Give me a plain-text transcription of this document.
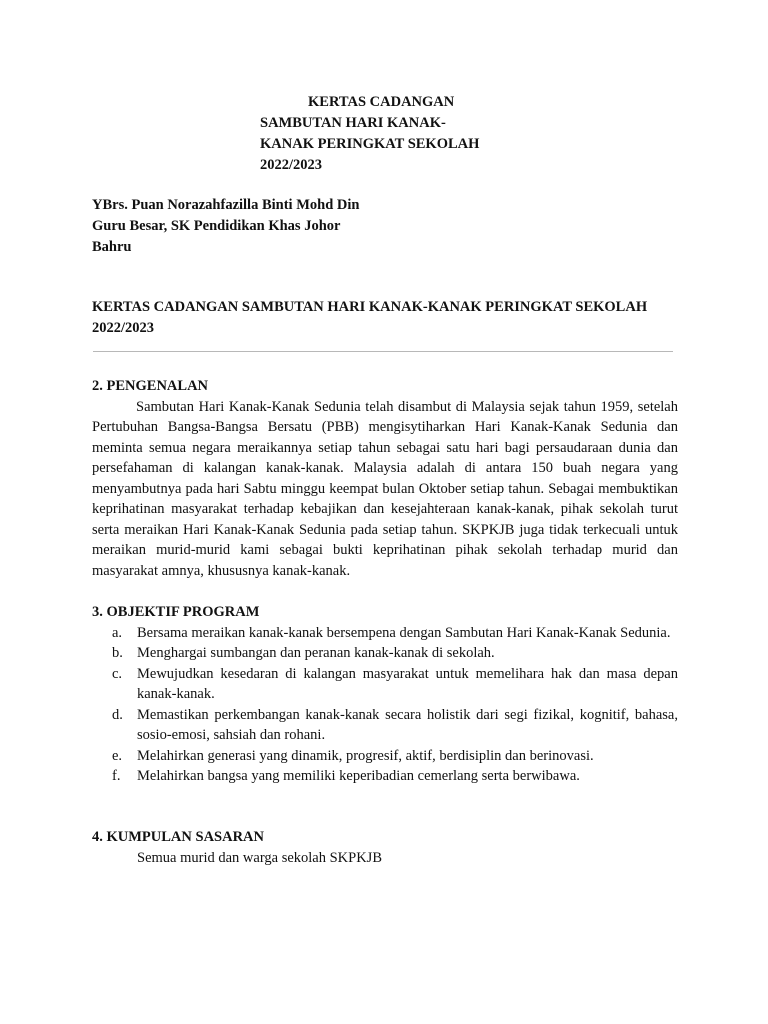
KERTAS CADANGAN
SAMBUTAN HARI KANAK-
KANAK PERINGKAT SEKOLAH
2022/2023
YBrs. Puan Norazahfazilla Binti Mohd Din
Guru Besar, SK Pendidikan Khas Johor
Bahru
KERTAS CADANGAN SAMBUTAN HARI KANAK-KANAK PERINGKAT SEKOLAH
2022/2023
2. PENGENALAN

Sambutan Hari Kanak-Kanak Sedunia telah disambut di Malaysia sejak tahun 1959, setelah Pertubuhan Bangsa-Bangsa Bersatu (PBB) mengisytiharkan Hari Kanak-Kanak Sedunia dan meminta semua negara meraikannya setiap tahun sebagai satu hari bagi persaudaraan dunia dan persefahaman di kalangan kanak-kanak. Malaysia adalah di antara 150 buah negara yang menyambutnya pada hari Sabtu minggu keempat bulan Oktober setiap tahun. Sebagai membuktikan keprihatinan masyarakat terhadap kebajikan dan kesejahteraan kanak-kanak, pihak sekolah turut serta meraikan Hari Kanak-Kanak Sedunia pada setiap tahun. SKPKJB juga tidak terkecuali untuk meraikan murid-murid kami sebagai bukti keprihatinan pihak sekolah terhadap murid dan masyarakat amnya, khususnya kanak-kanak.

3. OBJEKTIF PROGRAM
a. Bersama meraikan kanak-kanak bersempena dengan Sambutan Hari Kanak-Kanak Sedunia.
b. Menghargai sumbangan dan peranan kanak-kanak di sekolah.
c. Mewujudkan kesedaran di kalangan masyarakat untuk memelihara hak dan masa depan kanak-kanak.
d. Memastikan perkembangan kanak-kanak secara holistik dari segi fizikal, kognitif, bahasa, sosio-emosi, sahsiah dan rohani.
e. Melahirkan generasi yang dinamik, progresif, aktif, berdisiplin dan berinovasi.
f. Melahirkan bangsa yang memiliki keperibadian cemerlang serta berwibawa.
4. KUMPULAN SASARAN
Semua murid dan warga sekolah SKPKJB
